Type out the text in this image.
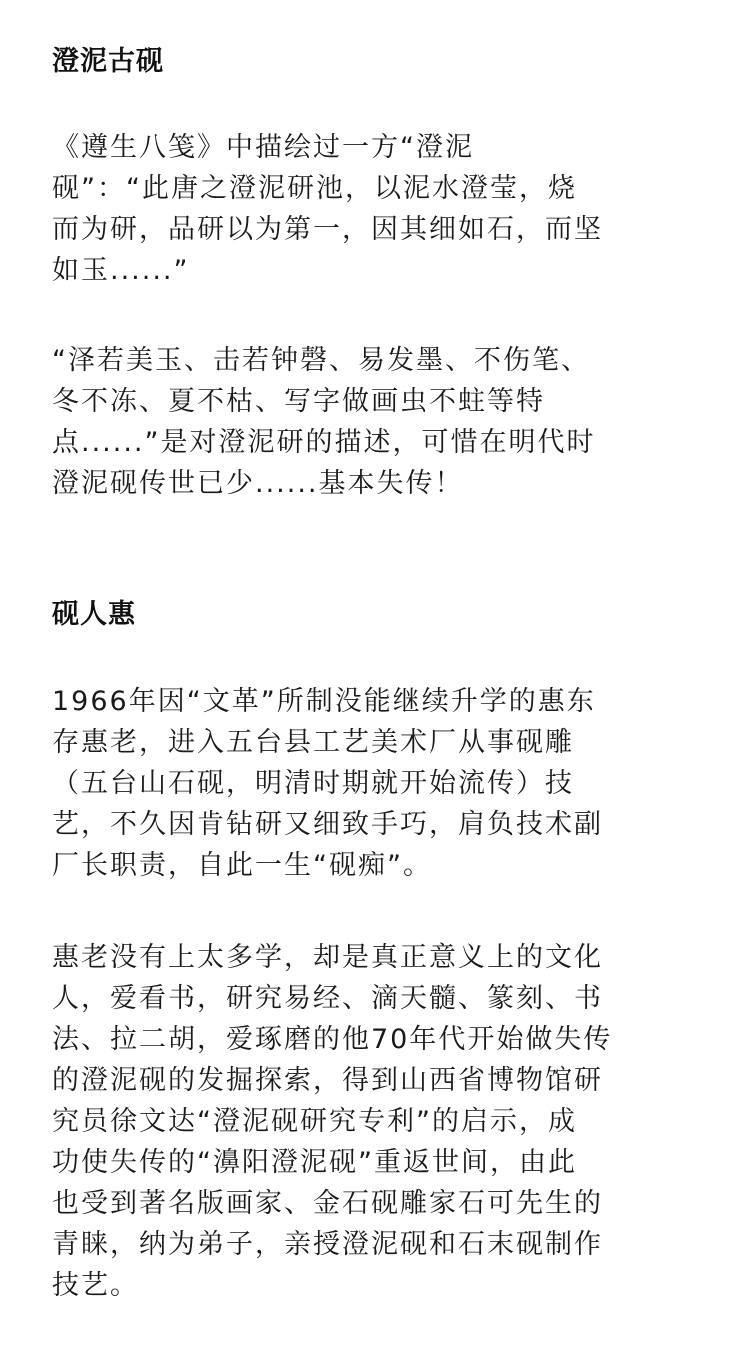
澄泥古砚
《遵生八笺》中描绘过一方“澄泥
砚”：“此唐之澄泥研池，以泥水澄莹，烧
而为研，品研以为第一，因其细如石，而坚
如玉......”
“泽若美玉、击若钟磬、易发墨、不伤笔、
冬不冻、夏不枯、写字做画虫不蛀等特
点......”是对澄泥研的描述，可惜在明代时
澄泥砚传世已少......基本失传！
砚人惠
1966年因“文革”所制没能继续升学的惠东
存惠老，进入五台县工艺美术厂从事砚雕
（五台山石砚，明清时期就开始流传）技
艺，不久因肯钻研又细致手巧，肩负技术副
厂长职责，自此一生“砚痴”。
惠老没有上太多学，却是真正意义上的文化
人，爱看书，研究易经、滴天髓、篆刻、书
法、拉二胡，爱琢磨的他70年代开始做失传
的澄泥砚的发掘探索，得到山西省博物馆研
究员徐文达“澄泥砚研究专利”的启示，成
功使失传的“濞阳澄泥砚”重返世间，由此
也受到著名版画家、金石砚雕家石可先生的
青睐，纳为弟子，亲授澄泥砚和石末砚制作
技艺。
